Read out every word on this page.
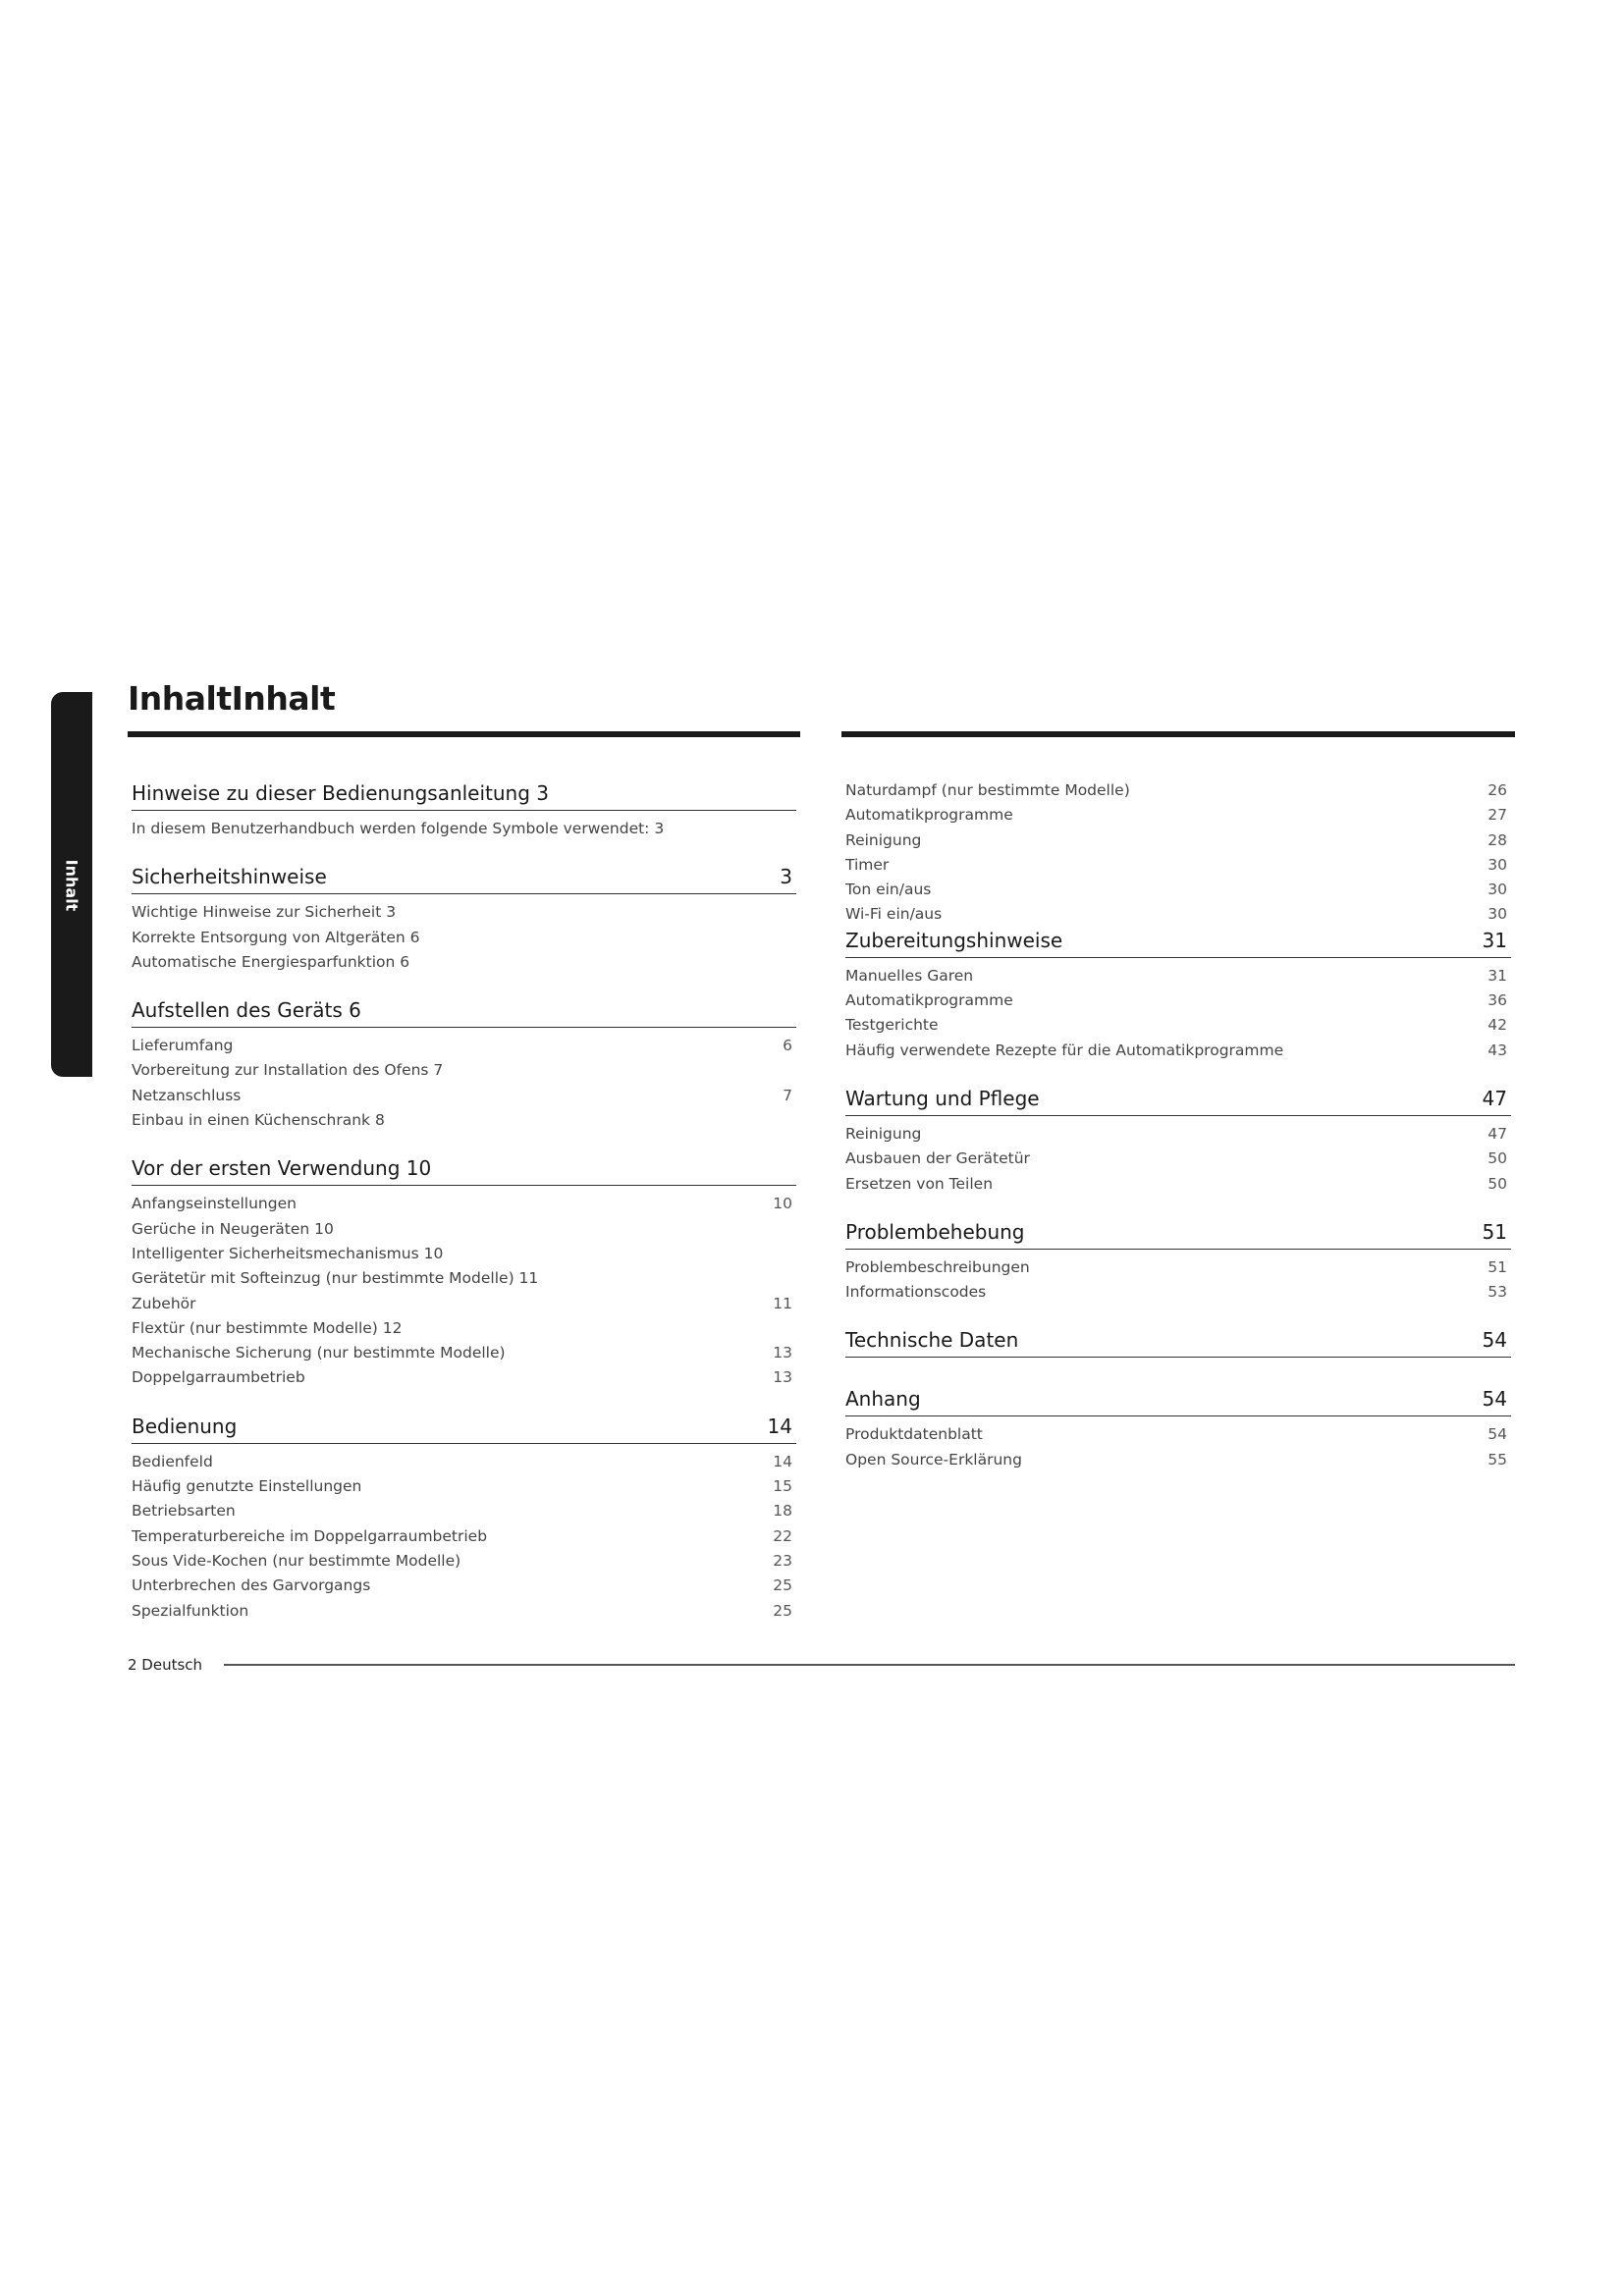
Inhalt
InhaltInhalt
Hinweise zu dieser Bedienungsanleitung 3
In diesem Benutzerhandbuch werden folgende Symbole verwendet: 3
Sicherheitshinweise	3
Wichtige Hinweise zur Sicherheit 3
Korrekte Entsorgung von Altgeräten 6
Automatische Energiesparfunktion 6
Aufstellen des Geräts 6
Lieferumfang	6
Vorbereitung zur Installation des Ofens 7
Netzanschluss	7
Einbau in einen Küchenschrank 8
Vor der ersten Verwendung 10
Anfangseinstellungen	10
Gerüche in Neugeräten 10
Intelligenter Sicherheitsmechanismus 10
Gerätetür mit Softeinzug (nur bestimmte Modelle) 11
Zubehör	11
Flextür (nur bestimmte Modelle) 12
Mechanische Sicherung (nur bestimmte Modelle)	13
Doppelgarraumbetrieb	13
Bedienung	14
Bedienfeld	14
Häufig genutzte Einstellungen	15
Betriebsarten	18
Temperaturbereiche im Doppelgarraumbetrieb	22
Sous Vide-Kochen (nur bestimmte Modelle)	23
Unterbrechen des Garvorgangs	25
Spezialfunktion	25
Naturdampf (nur bestimmte Modelle)	26
Automatikprogramme	27
Reinigung	28
Timer	30
Ton ein/aus	30
Wi-Fi ein/aus	30
Zubereitungshinweise	31
Manuelles Garen	31
Automatikprogramme	36
Testgerichte	42
Häufig verwendete Rezepte für die Automatikprogramme	43
Wartung und Pflege	47
Reinigung	47
Ausbauen der Gerätetür	50
Ersetzen von Teilen	50
Problembehebung	51
Problembeschreibungen	51
Informationscodes	53
Technische Daten	54
Anhang	54
Produktdatenblatt	54
Open Source-Erklärung	55
2 Deutsch
